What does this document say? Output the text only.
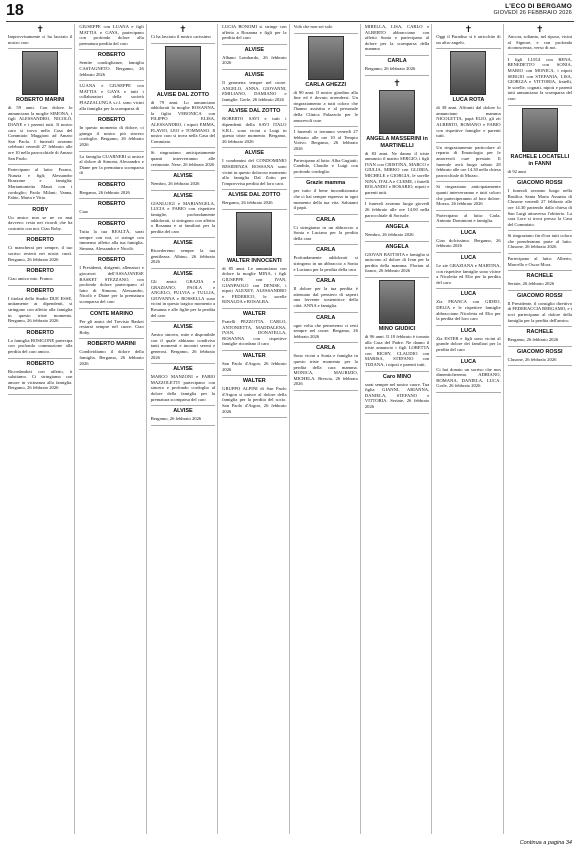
18	L'ECO DI BERGAMO
GIOVEDÌ 26 FEBBRAIO 2026
✝
Improvvisamente ci ha lasciato il nostro caro
ROBERTO MARINI
di 59 anni. Con dolore lo annunciano la moglie SIMONA, i figli ALESSANDRO, NICOLÒ, DIANE e i parenti tutti. Il nostro caro si trova nella Casa del Commiato Maggioni ad Amaro San Paolo. I funerali avranno celebrati venerdì 27 febbraio alle ore 10 nella parrocchiale di Amaro San Paolo.
Partecipano al lutto: Franco, Nunzia e figli; Alessandro Brazzone e famiglia; Mariantonietta Mauri con i cordoglio; Paolo Milani; Vanna, Fabio, Marta e Vitto.
ROBY
Un amico non se ne va mai davvero: resta nei ricordi che ha costruito con noi. Ciao Roby.
ROBERTO
Ci mancherai per sempre, il tuo sorriso resterà nei nostri cuori. Bergamo, 26 febbraio 2026
ROBERTO
Ciao amico mio. Franco.
ROBERTO
I titolari dello Studio DUE ESSE, unitamente ai dipendenti, si stringono con affetto alla famiglia in questo triste momento. Bergamo, 26 febbraio 2026
ROBERTO
La famiglia BOSIGONE partecipa con profonda commozione alla perdita del caro amico.
ROBERTO
Ricordandoti con affetto, ti salutiamo. Ci stringiamo con amore in vicinanza alla famiglia. Bergamo, 26 febbraio 2026
GIUSEPPE con LUANA e figli MATTIA e GAYA, partecipano con profondo dolore alla prematura perdita del caro
ROBERTO
Sentite condoglianze, famiglia CASTAGNETO. Bergamo, 26 febbraio 2026
LUANA e GIUSEPPE con MATTIA e GAYA e tutti i collaboratori della società PIAZZALUNGA s.r.l. sono vicini alla famiglia per la scomparsa di
ROBERTO
In questo momento di dolore, ci giunga il nostro più sincero cordoglio. Bergamo, 26 febbraio 2026
La famiglia GUARNERI si unisce al dolore di Simona, Alessandro e Diane per la prematura scomparsa di
ROBERTO
Bergamo, 26 febbraio 2026
ROBERTO
Ciao
ROBERTO
Tutta la tua REALTÀ, sarai sempre con noi, ci stringe con immenso affetto alla tua famiglia. Simona, Alessandro e Nicolò.
ROBERTO
I Presidenti, dirigenti, allenatori e giocatori dell'ASSAJANESE BASKET STEZZANO, con profondo dolore partecipano al lutto di Simona, Alessandro, Nicolò e Diane per la prematura scomparsa del caro
CONTE MARINO
Per gli amici del Trevisio Basket restarai sempre nel cuore. Ciao Roby.
ROBERTO MARINI
Condividiamo il dolore della famiglia. Bergamo, 26 febbraio 2026
✝
Ci ha lasciato il nostro carissimo
ALVISE DAL ZOTTO
di 79 anni. Lo annunciano addolorati la moglie ROSANNA, la figlia VERONICA con FILIPPO ELISA, ALESSANDRO, i nipoti EMMA, FLAVIO, LEO e TOMMASO. Il nostro caro si trova nella Casa del Commiato.
Si ringraziano anticipatamente quanti interverranno alle cerimonie. Nese, 26 febbraio 2026
ALVISE
Nembro, 26 febbraio 2026
ALVISE
GIANLUIGI e MARIANGELA, LUCIA e FABIO con rispettive famiglie, profondamente addolorati, si stringono con affetto a Rosanna e ai familiari per la perdita del caro
ALVISE
Ricorderemo sempre la tua gentilezza. Albino, 26 febbraio 2026
ALVISE
Gli amici GRAZIA e GRAZIANO, PAOLA e ANGELO, FULVIA e TULLIA, GIOVANNA e ROSSELLA sono vicini in questo tragico momento a Rosanna e alle figlie per la perdita del caro
ALVISE
Amico sincero, mite e disponibile con il quale abbiamo condiviso tanti momenti e incontri sereni e generosi. Bergamo, 26 febbraio 2026
ALVISE
MARCO MANZONI e FABIO MAZZOLETTI partecipano con sincero e profondo cordoglio al dolore della famiglia per la prematura scomparsa del caro
ALVISE
Bergamo, 26 febbraio 2026
LUCIA BONOMI si stringe con affetto a Rosanna e figli per la perdita del caro
ALVISE
Albano Lombardo, 26 febbraio 2026
ALVISE
Il geometra sempre nel cuore. ANGELO, ANNA, GIOVANNI, EMILIANO, DAMIANO e famiglie. Gorle, 26 febbraio 2026
ALVISE DAL ZOTTO
ROBERTO SAVI e tutti i dipendenti della SAVI ITALO S.R.L. sono vicini a Luigi in questo triste momento. Bergamo, 26 febbraio 2026
ALVISE
I condomini del CONDOMINIO RESIDENZA ROSSANA sono vicini in questo doloroso momento alla famiglia Dal Zotto per l'improvvisa perdita del loro caro.
ALVISE DAL ZOTTO
Bergamo, 26 febbraio 2026
WALTER INNOCENTI
di 85 anni. Le annunciano con dolore la moglie MINA, i figli GIUSEPPE con IVAN, GIANPAOLO con DENISE, i nipoti ALEXEY, ALESSANDRO e FEDERICO, le sorelle RINALDA e ROSALBA.
WALTER
Fratelli PEZZOTTA, CARLO, ANTONIETTA, MADDALENA, IVAN, DONATELLA, ROSANNA con rispettive famiglie ricordano il caro
WALTER
San Paolo d'Argon, 26 febbraio 2026
WALTER
GRUPPO ALPINI di San Paolo d'Argon si unisce al dolore della famiglia per la perdita del socio. San Paolo d'Argon, 26 febbraio 2026
Volà che non sei solo
CARLA GHEZZI
di 90 anni. Il nostro giardino alla fine ed è dovuto arrendersi. Un ringraziamento a tutti coloro che l'hanno assistita e al personale della Clinica Palazzolo per le amorevoli cure.
I funerali si terranno venerdì 27 febbraio alle ore 10 al Tempio Votivo. Bergamo, 26 febbraio 2026
Partecipano al lutto: Alba Gugiatti; Candida, Claudio e Luigi con profondo cordoglio.
Grazie mamma
per tutto il bene incondizionato che ci hai sempre espresso in ogni momento della tua vita. Salutami il papà.
CARLA
Ci stringiamo in un abbraccio a Sonia e Luciano per la perdita della cara
CARLA
Profondamente addolorati si stringono in un abbraccio a Sonia e Luciano per la perdita della cara
CARLA
Il dolore per la tua perdita è attenuato dal pensiero di saperti una fervente sostenitrice della città. ANNA e famiglia.
CARLA
ogni volta che penseremo ci resti sempre nel cuore. Bergamo, 26 febbraio 2026
CARLA
Sono vicini a Sonia e famiglia in questo triste momento per la perdita della cara mamma. MONICA, MAURIZIO, MICHELA. Brescia, 26 febbraio 2026
MIRELLA, LISA, CARLO e ALBERTO abbracciano con affetto Sonia e partecipano al dolore per la scomparsa della mamma
CARLA
Bergamo, 26 febbraio 2026
✝
ANGELA MASSERINI in MARTINELLI
di 83 anni. Ne danno il triste annuncio il marito SERGIO, i figli IVAN con CRISTINA, MARCO e GIULIA, MIRKO con GLORIA, MICHELE e GIORGIA, le sorelle NINA, ITALA e CLEME, i fratelli ROLANDO e ROSARIO, nipoti e parenti tutti.
I funerali avranno luogo giovedì 26 febbraio alle ore 14.00 nella parrocchiale di Sorisole.
ANGELA
Nembro, 26 febbraio 2026
ANGELA
GIOVAN BATTISTA e famiglia si uniscono al dolore di Ivan per la perdita della mamma. Florian al fianco, 26 febbraio 2026
MINO GIUDICI
di 96 anni. Il 18 febbraio è tornato alla Casa del Padre. Ne danno il triste annuncio i figli LORETTA con RICHY, CLAUDIO con MARISA, STEFANO con TIZIANA, i nipoti e parenti tutti.
Caro MINO
sarai sempre nel nostro cuore. Tua figlia GIANNI, ARIANNA, DANIELA, STEFANO e VITTORIA. Seriate, 26 febbraio 2026
✝
Oggi il Paradiso si è arricchito di un altro angelo.
LUCA ROTA
di 38 anni. Affranti dal dolore lo annunciano mamma NICOLETTA, papà ELIO, gli zii ALBERTO, ROMANO e FABIO con rispettive famiglie e parenti tutti.
Un ringraziamento particolare al reparto di Ematologia per le amorevoli cure prestate. Il funerale avrà luogo sabato 28 febbraio alle ore 14.30 nella chiesa parrocchiale di Mozzo.
Si ringraziano anticipatamente quanti interverranno e tutti coloro che parteciperanno al loro dolore. Mozzo, 26 febbraio 2026
Partecipano al lutto: Carla, Antonio Dominioni e famiglia.
LUCA
Ciao dolcissimo. Bergamo, 26 febbraio 2026
LUCA
Le zie GRAZIANA e MARTINA, con rispettive famiglie sono vicine a Nicoletta ed Elio per la perdita del caro
LUCA
Zia FRANCA con GIDEO, DELIA e le rispettive famiglie abbracciano Nicoletta ed Elio per la perdita del loro caro
LUCA
Zia ESTER e figli sono vicini al grande dolore dei familiari per la perdita del caro
LUCA
Ci hai donato un sorriso che non dimenticheremo. ADRIANO, ROMANA, DANIELA, LUCA. Gorle, 26 febbraio 2026
✝
Ancora, soltanto, nel riposo, vicini al Signore, e con profonda riconoscenza, verso di noi.
I figli LUIGI con RENA, BENEDETTO con SONIA, MARIO con MONICA, i nipoti SERGIO con STEFANIA, LISA, GIORGIA e VITTORIA, fratelli, le sorelle, cognati, nipoti e parenti tutti annunciano la scomparsa del caro
RACHELE LOCATELLI in FANNI
di 92 anni
GIACOMO ROSSI
I funerali avranno luogo nella Basilica Santa Maria Assunta di Clusone venerdì 27 febbraio alle ore 14.30 partendo dalla chiesa di San Luigi attraverso l'obitorio. La cara Lore si trova presso la Casa del Commiato.
Si ringraziano fin d'ora tutti coloro che prenderanno parte al lutto. Clusone, 26 febbraio 2026
Partecipano al lutto: Alberto, Marcello e Oscar Mora.
RACHELE
Seriate, 26 febbraio 2026
GIACOMO ROSSI
Il Presidente, il consiglio direttivo di FEDERACCIA BERGAMO, e i soci partecipano al dolore della famiglia per la perdita dell'amico.
RACHELE
Bergamo, 26 febbraio 2026
GIACOMO ROSSI
Clusone, 26 febbraio 2026
Continua a pagina 34
